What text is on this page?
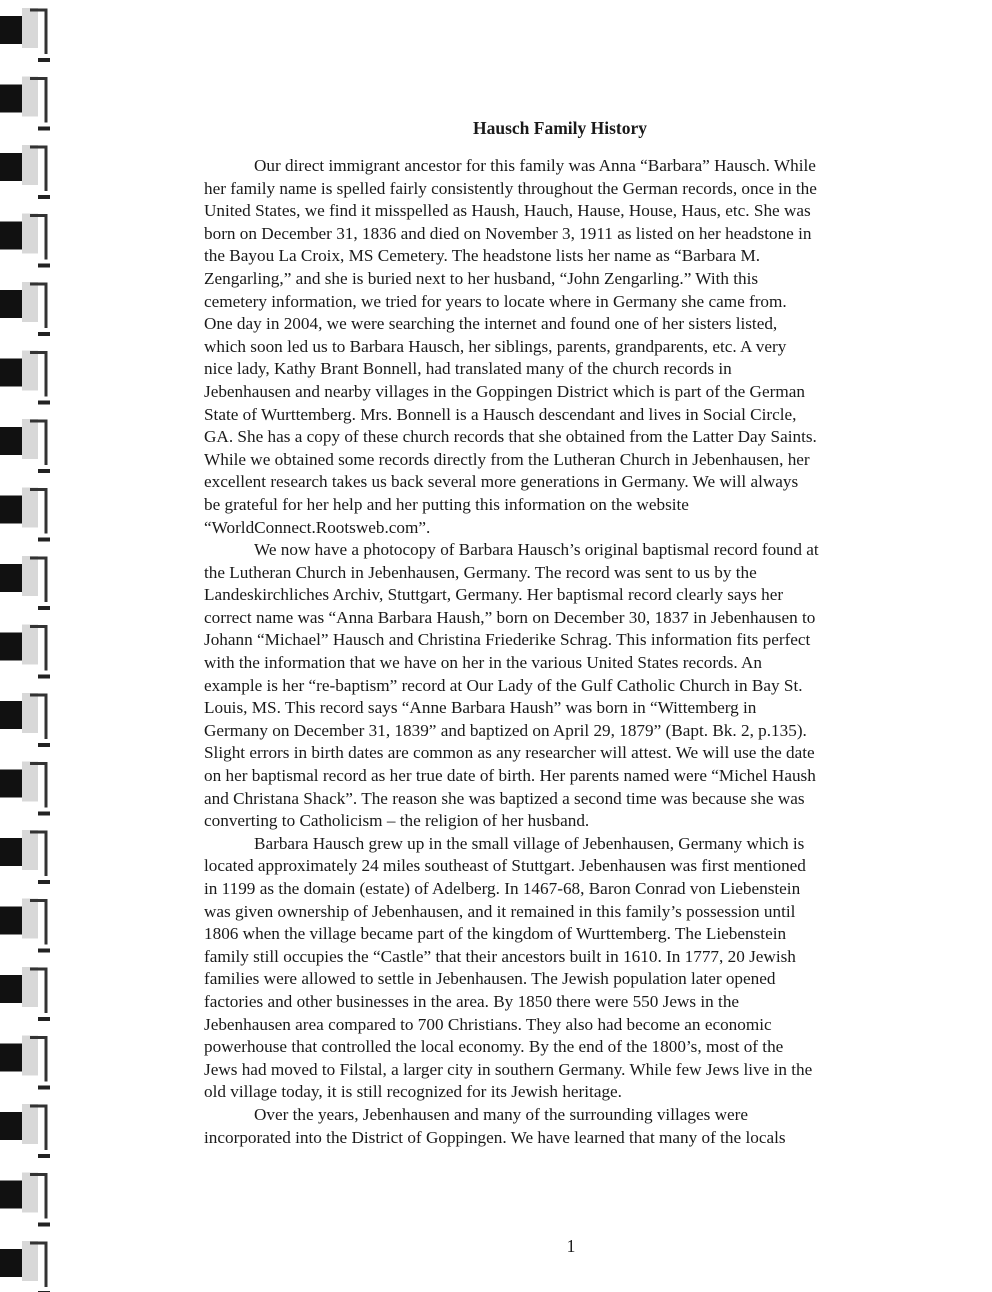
Hausch Family History

Our direct immigrant ancestor for this family was Anna “Barbara” Hausch. While
her family name is spelled fairly consistently throughout the German records, once in the
United States, we find it misspelled as Haush, Hauch, Hause, House, Haus, etc. She was
born on December 31, 1836 and died on November 3, 1911 as listed on her headstone in
the Bayou La Croix, MS Cemetery. The headstone lists her name as “Barbara M.
Zengarling,” and she is buried next to her husband, “John Zengarling.” With this
cemetery information, we tried for years to locate where in Germany she came from.
One day in 2004, we were searching the internet and found one of her sisters listed,
which soon led us to Barbara Hausch, her siblings, parents, grandparents, etc. A very
nice lady, Kathy Brant Bonnell, had translated many of the church records in
Jebenhausen and nearby villages in the Goppingen District which is part of the German
State of Wurttemberg. Mrs. Bonnell is a Hausch descendant and lives in Social Circle,
GA. She has a copy of these church records that she obtained from the Latter Day Saints.
While we obtained some records directly from the Lutheran Church in Jebenhausen, her
excellent research takes us back several more generations in Germany. We will always
be grateful for her help and her putting this information on the website
“WorldConnect.Rootsweb.com”.

We now have a photocopy of Barbara Hausch’s original baptismal record found at
the Lutheran Church in Jebenhausen, Germany. The record was sent to us by the
Landeskirchliches Archiv, Stuttgart, Germany. Her baptismal record clearly says her
correct name was “Anna Barbara Haush,” born on December 30, 1837 in Jebenhausen to
Johann “Michael” Hausch and Christina Friederike Schrag. This information fits perfect
with the information that we have on her in the various United States records. An
example is her “re-baptism” record at Our Lady of the Gulf Catholic Church in Bay St.
Louis, MS. This record says “Anne Barbara Haush” was born in “Wittemberg in
Germany on December 31, 1839” and baptized on April 29, 1879” (Bapt. Bk. 2, p.135).
Slight errors in birth dates are common as any researcher will attest. We will use the date
on her baptismal record as her true date of birth. Her parents named were “Michel Haush
and Christana Shack”. The reason she was baptized a second time was because she was
converting to Catholicism – the religion of her husband.

Barbara Hausch grew up in the small village of Jebenhausen, Germany which is
located approximately 24 miles southeast of Stuttgart. Jebenhausen was first mentioned
in 1199 as the domain (estate) of Adelberg. In 1467-68, Baron Conrad von Liebenstein
was given ownership of Jebenhausen, and it remained in this family’s possession until
1806 when the village became part of the kingdom of Wurttemberg. The Liebenstein
family still occupies the “Castle” that their ancestors built in 1610. In 1777, 20 Jewish
families were allowed to settle in Jebenhausen. The Jewish population later opened
factories and other businesses in the area. By 1850 there were 550 Jews in the
Jebenhausen area compared to 700 Christians. They also had become an economic
powerhouse that controlled the local economy. By the end of the 1800’s, most of the
Jews had moved to Filstal, a larger city in southern Germany. While few Jews live in the
old village today, it is still recognized for its Jewish heritage.

Over the years, Jebenhausen and many of the surrounding villages were
incorporated into the District of Goppingen. We have learned that many of the locals

1
